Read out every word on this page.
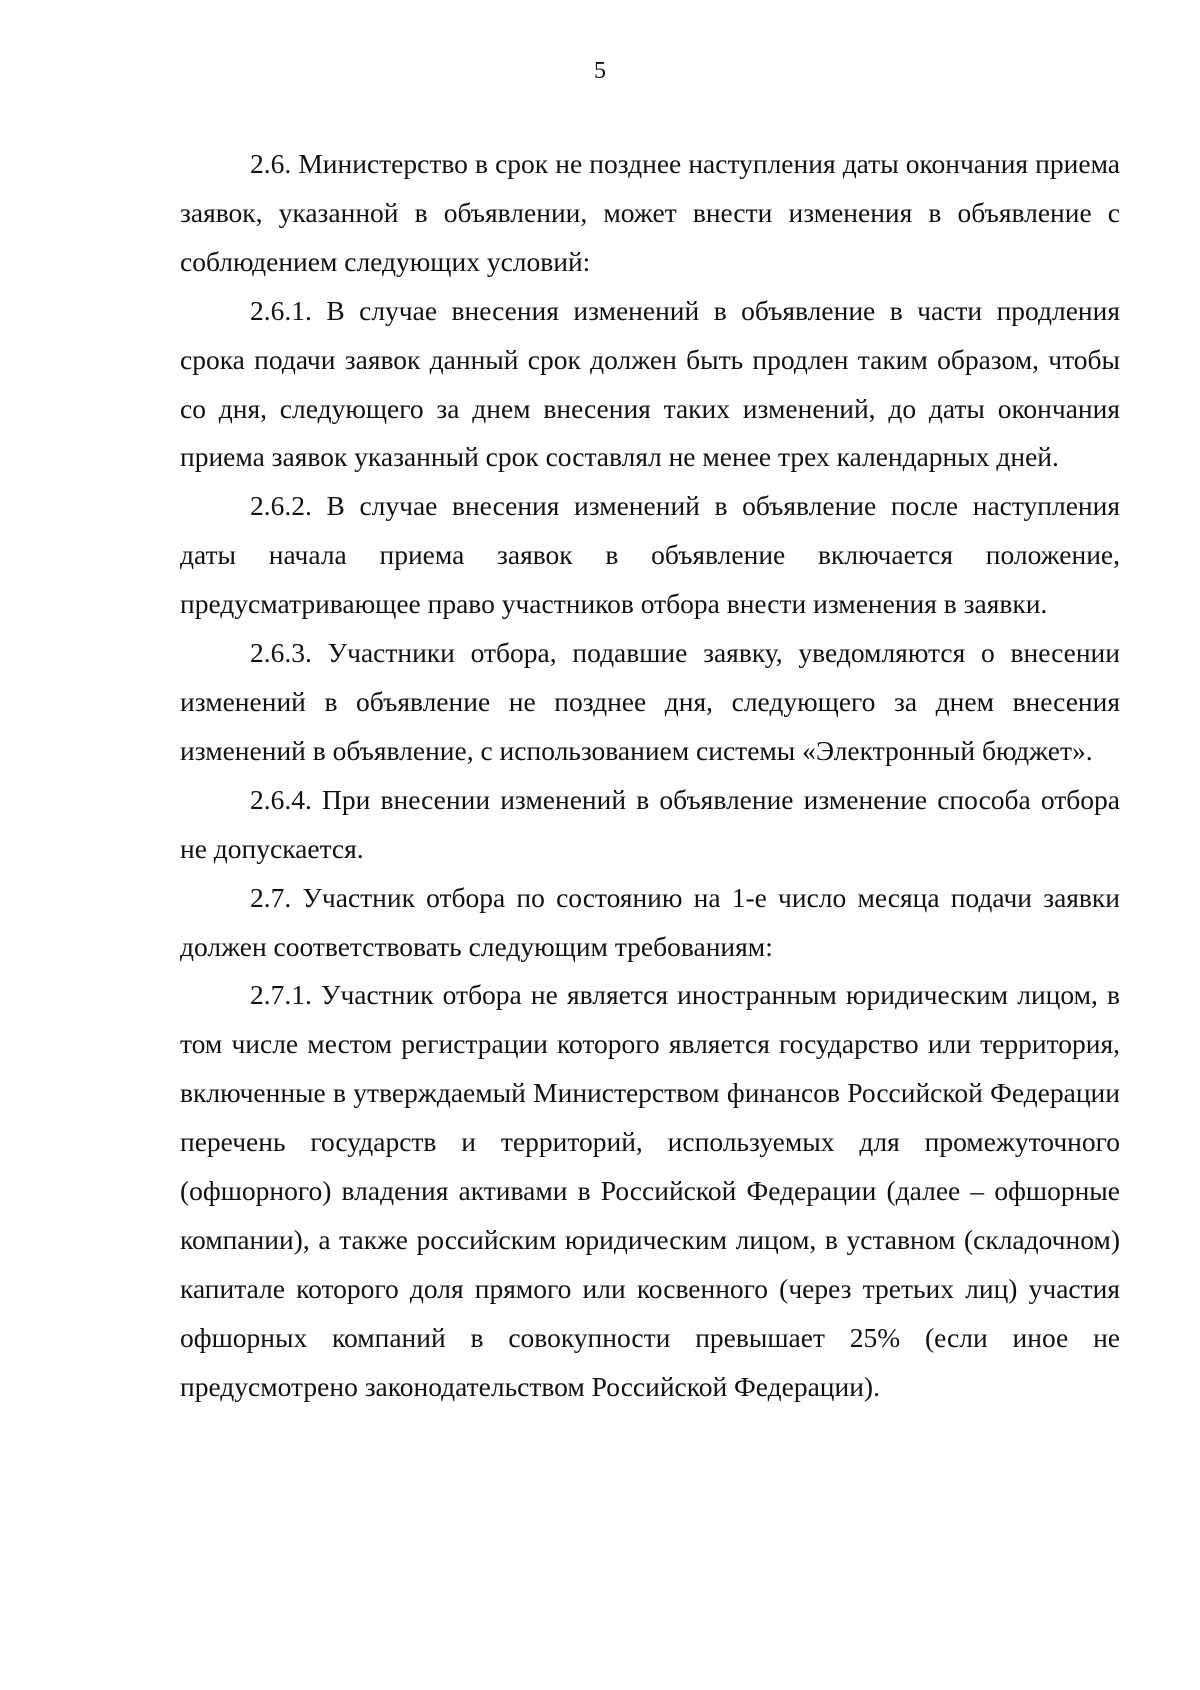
5

2.6. Министерство в срок не позднее наступления даты окончания приема заявок, указанной в объявлении, может внести изменения в объявление с соблюдением следующих условий:

2.6.1. В случае внесения изменений в объявление в части продления срока подачи заявок данный срок должен быть продлен таким образом, чтобы со дня, следующего за днем внесения таких изменений, до даты окончания приема заявок указанный срок составлял не менее трех календарных дней.

2.6.2. В случае внесения изменений в объявление после наступления даты начала приема заявок в объявление включается положение, предусматривающее право участников отбора внести изменения в заявки.

2.6.3. Участники отбора, подавшие заявку, уведомляются о внесении изменений в объявление не позднее дня, следующего за днем внесения изменений в объявление, с использованием системы «Электронный бюджет».

2.6.4. При внесении изменений в объявление изменение способа отбора не допускается.

2.7. Участник отбора по состоянию на 1-е число месяца подачи заявки должен соответствовать следующим требованиям:

2.7.1. Участник отбора не является иностранным юридическим лицом, в том числе местом регистрации которого является государство или территория, включенные в утверждаемый Министерством финансов Российской Федерации перечень государств и территорий, используемых для промежуточного (офшорного) владения активами в Российской Федерации (далее – офшорные компании), а также российским юридическим лицом, в уставном (складочном) капитале которого доля прямого или косвенного (через третьих лиц) участия офшорных компаний в совокупности превышает 25% (если иное не предусмотрено законодательством Российской Федерации).
